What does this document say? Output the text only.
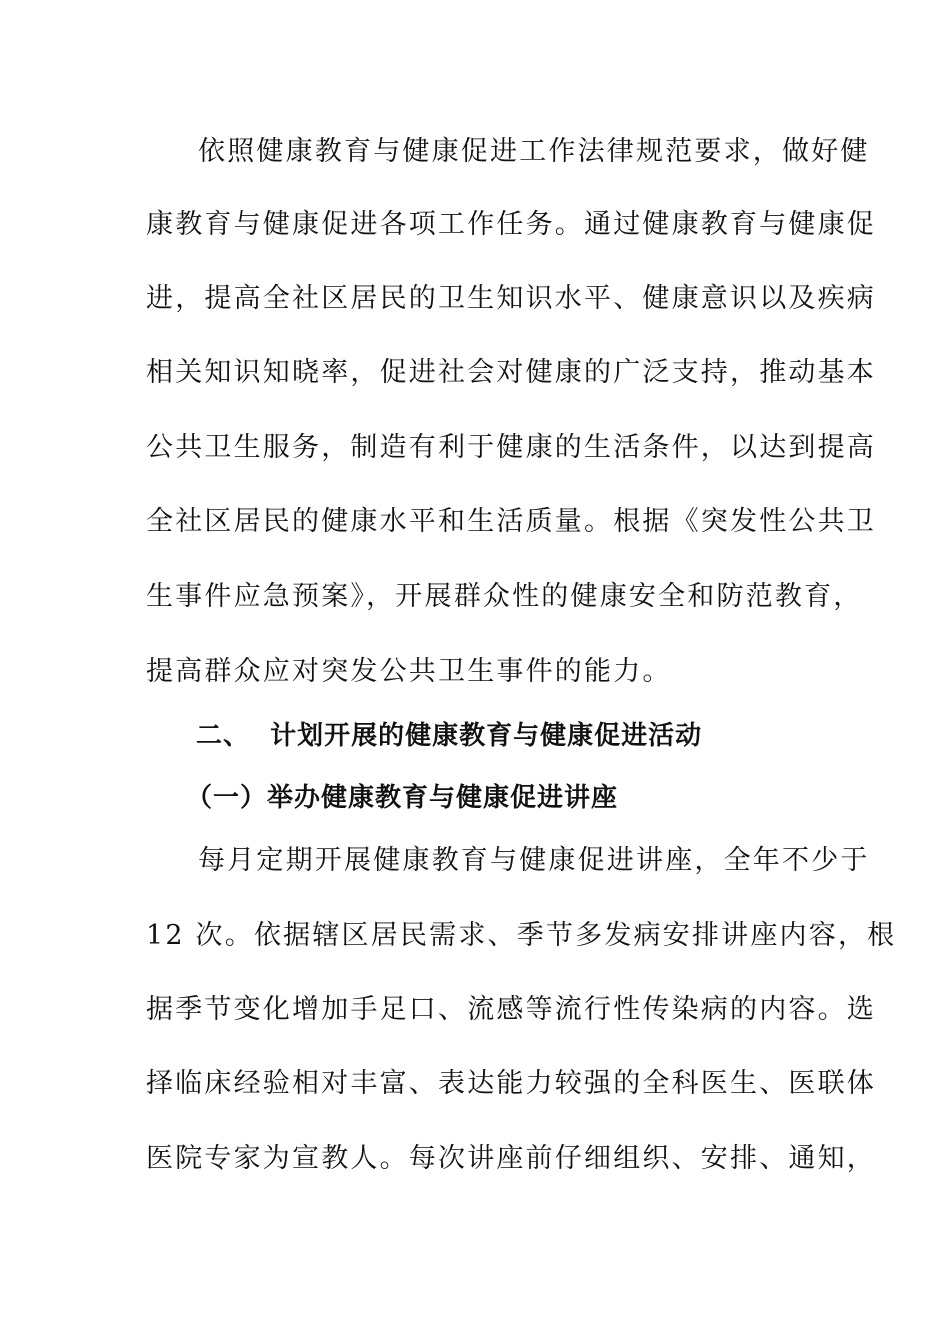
依照健康教育与健康促进工作法律规范要求，做好健
康教育与健康促进各项工作任务。通过健康教育与健康促
进，提高全社区居民的卫生知识水平、健康意识以及疾病
相关知识知晓率，促进社会对健康的广泛支持，推动基本
公共卫生服务，制造有利于健康的生活条件，以达到提高
全社区居民的健康水平和生活质量。根据《突发性公共卫
生事件应急预案》，开展群众性的健康安全和防范教育，
提高群众应对突发公共卫生事件的能力。
二、  计划开展的健康教育与健康促进活动
（一）举办健康教育与健康促进讲座
每月定期开展健康教育与健康促进讲座，全年不少于
12 次。依据辖区居民需求、季节多发病安排讲座内容，根
据季节变化增加手足口、流感等流行性传染病的内容。选
择临床经验相对丰富、表达能力较强的全科医生、医联体
医院专家为宣教人。每次讲座前仔细组织、安排、通知，
